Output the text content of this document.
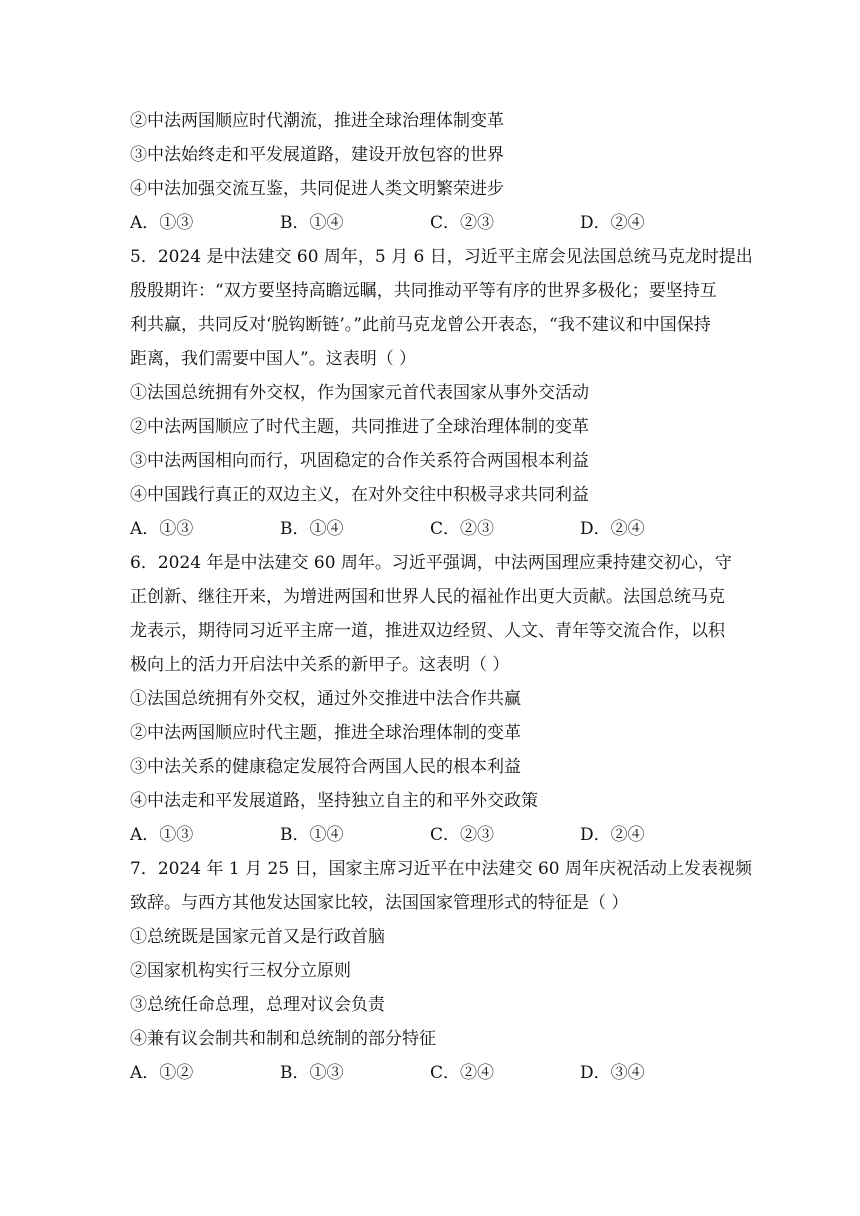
②中法两国顺应时代潮流，推进全球治理体制变革
③中法始终走和平发展道路，建设开放包容的世界
④中法加强交流互鉴，共同促进人类文明繁荣进步
A．①③	B．①④	C．②③	D．②④
5．2024 是中法建交 60 周年，5 月 6 日，习近平主席会见法国总统马克龙时提出
殷殷期许：“双方要坚持高瞻远瞩，共同推动平等有序的世界多极化；要坚持互
利共赢，共同反对‘脱钩断链’。”此前马克龙曾公开表态，“我不建议和中国保持
距离，我们需要中国人”。这表明（ ）
①法国总统拥有外交权，作为国家元首代表国家从事外交活动
②中法两国顺应了时代主题，共同推进了全球治理体制的变革
③中法两国相向而行，巩固稳定的合作关系符合两国根本利益
④中国践行真正的双边主义，在对外交往中积极寻求共同利益
A．①③	B．①④	C．②③	D．②④
6．2024 年是中法建交 60 周年。习近平强调，中法两国理应秉持建交初心，守
正创新、继往开来，为增进两国和世界人民的福祉作出更大贡献。法国总统马克
龙表示，期待同习近平主席一道，推进双边经贸、人文、青年等交流合作，以积
极向上的活力开启法中关系的新甲子。这表明（ ）
①法国总统拥有外交权，通过外交推进中法合作共赢
②中法两国顺应时代主题，推进全球治理体制的变革
③中法关系的健康稳定发展符合两国人民的根本利益
④中法走和平发展道路，坚持独立自主的和平外交政策
A．①③	B．①④	C．②③	D．②④
7．2024 年 1 月 25 日，国家主席习近平在中法建交 60 周年庆祝活动上发表视频
致辞。与西方其他发达国家比较，法国国家管理形式的特征是（ ）
①总统既是国家元首又是行政首脑
②国家机构实行三权分立原则
③总统任命总理，总理对议会负责
④兼有议会制共和制和总统制的部分特征
A．①②	B．①③	C．②④	D．③④
